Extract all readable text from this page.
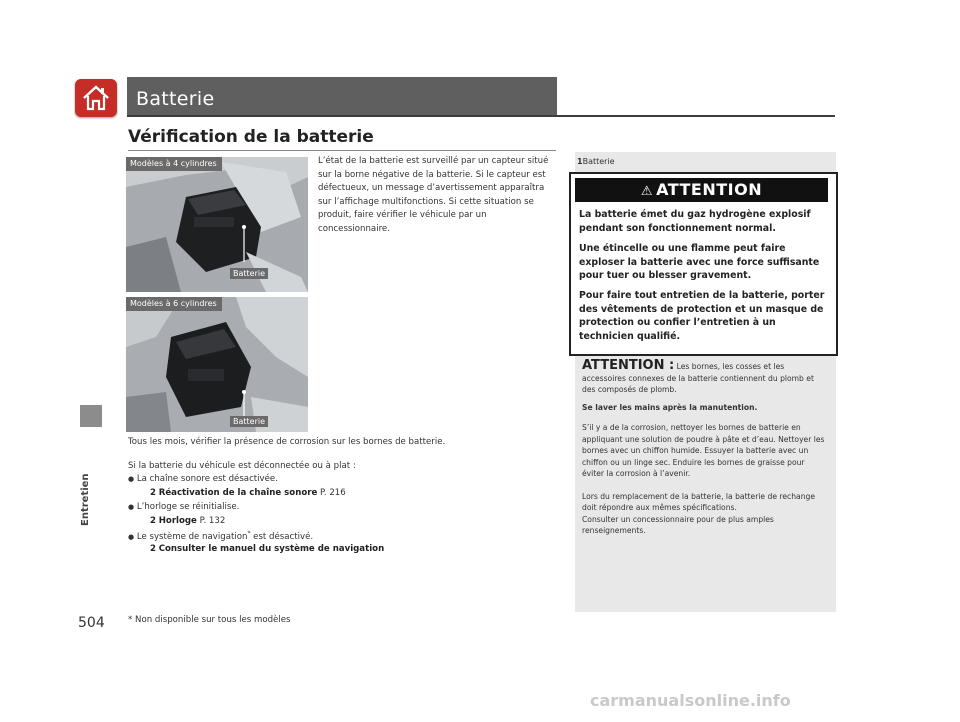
Batterie
Entretien
504
Vérification de la batterie
Modèles à 4 cylindres
Batterie
Modèles à 6 cylindres
Batterie
L’état de la batterie est surveillé par un capteur situé
sur la borne négative de la batterie. Si le capteur est
défectueux, un message d’avertissement apparaîtra
sur l’affichage multifonctions. Si cette situation se
produit, faire vérifier le véhicule par un
concessionnaire.
Tous les mois, vérifier la présence de corrosion sur les bornes de batterie.
Si la batterie du véhicule est déconnectée ou à plat :
● La chaîne sonore est désactivée.
2 Réactivation de la chaîne sonore P. 216
● L’horloge se réinitialise.
2 Horloge P. 132
● Le système de navigation* est désactivé.
2 Consulter le manuel du système de navigation
* Non disponible sur tous les modèles
1Batterie
⚠ ATTENTION
La batterie émet du gaz hydrogène explosif pendant son fonctionnement normal.
Une étincelle ou une flamme peut faire exploser la batterie avec une force suffisante pour tuer ou blesser gravement.
Pour faire tout entretien de la batterie, porter des vêtements de protection et un masque de protection ou confier l’entretien à un technicien qualifié.
ATTENTION : Les bornes, les cosses et les accessoires connexes de la batterie contiennent du plomb et des composés de plomb.
Se laver les mains après la manutention.
S’il y a de la corrosion, nettoyer les bornes de batterie en appliquant une solution de poudre à pâte et d’eau. Nettoyer les bornes avec un chiffon humide. Essuyer la batterie avec un chiffon ou un linge sec. Enduire les bornes de graisse pour éviter la corrosion à l’avenir.
Lors du remplacement de la batterie, la batterie de rechange doit répondre aux mêmes spécifications.
Consulter un concessionnaire pour de plus amples renseignements.
carmanualsonline.info
